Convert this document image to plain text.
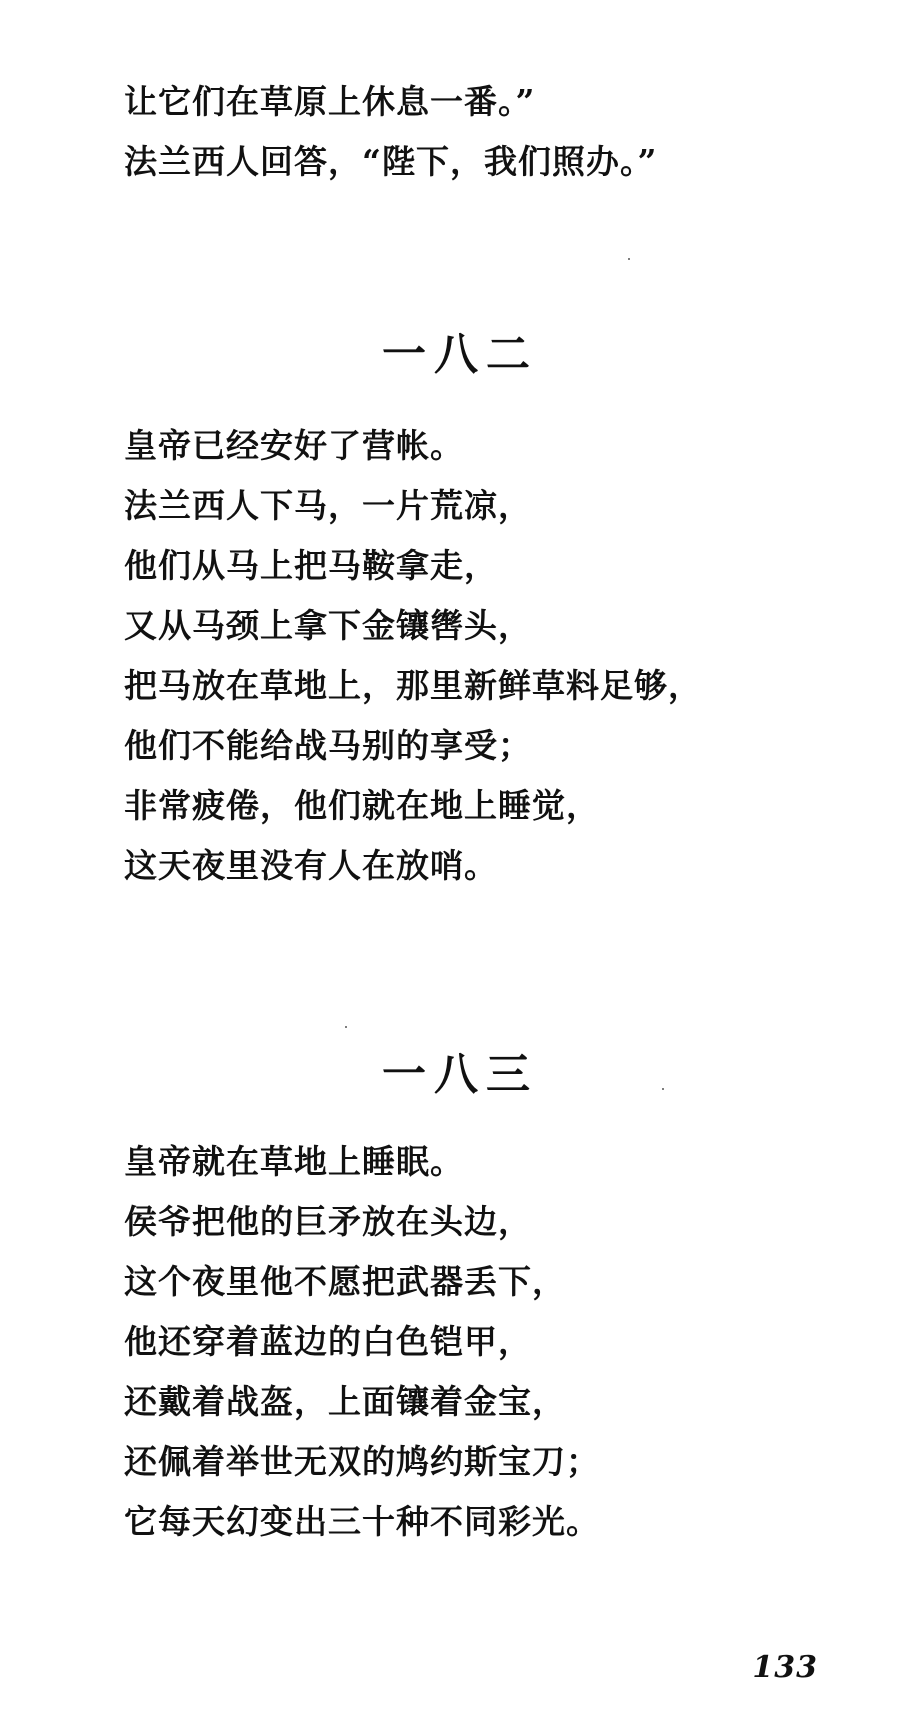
让它们在草原上休息一番。”
法兰西人回答，“陛下，我们照办。”
一八二
皇帝已经安好了营帐。
法兰西人下马，一片荒凉，
他们从马上把马鞍拿走，
又从马颈上拿下金镶辔头，
把马放在草地上，那里新鲜草料足够，
他们不能给战马别的享受；
非常疲倦，他们就在地上睡觉，
这天夜里没有人在放哨。
一八三
皇帝就在草地上睡眠。
侯爷把他的巨矛放在头边，
这个夜里他不愿把武器丢下，
他还穿着蓝边的白色铠甲，
还戴着战盔，上面镶着金宝，
还佩着举世无双的鸠约斯宝刀；
它每天幻变出三十种不同彩光。
133
